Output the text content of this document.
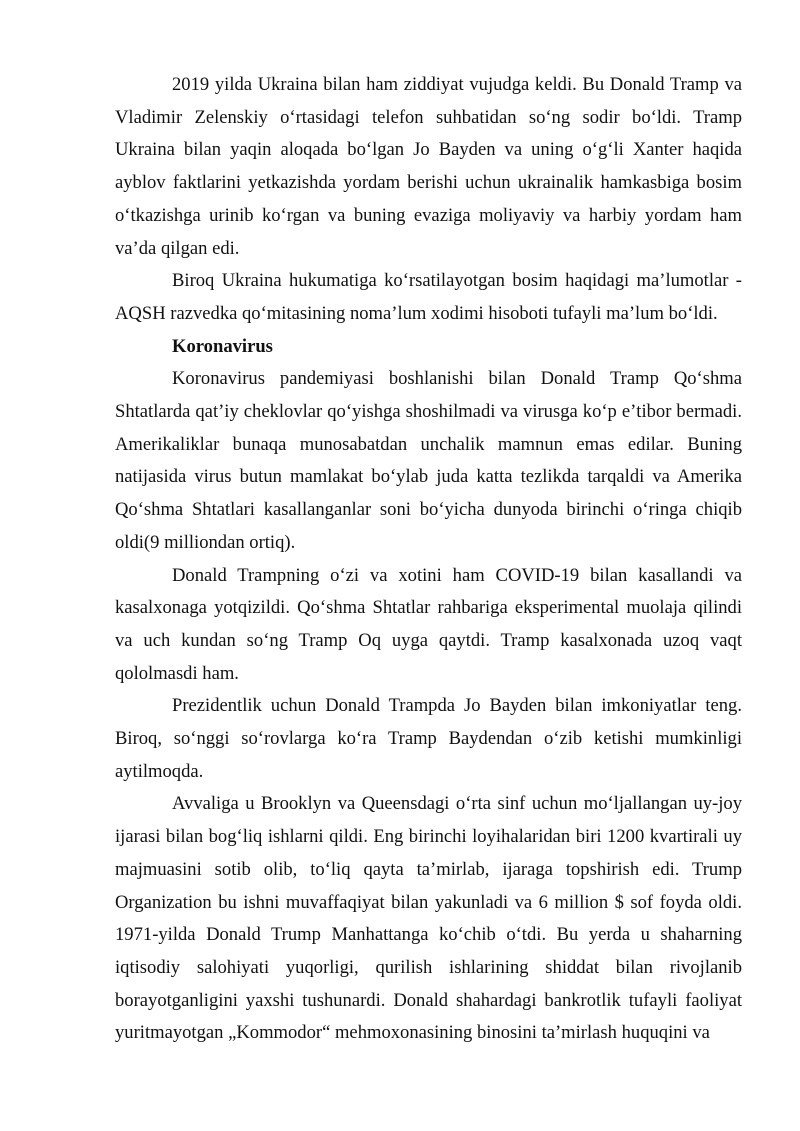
2019 yilda Ukraina bilan ham ziddiyat vujudga keldi. Bu Donald Tramp va Vladimir Zelenskiy oʻrtasidagi telefon suhbatidan soʻng sodir boʻldi. Tramp Ukraina bilan yaqin aloqada boʻlgan Jo Bayden va uning oʻgʻli Xanter haqida ayblov faktlarini yetkazishda yordam berishi uchun ukrainalik hamkasbiga bosim oʻtkazishga urinib koʻrgan va buning evaziga moliyaviy va harbiy yordam ham vaʼda qilgan edi.

Biroq Ukraina hukumatiga koʻrsatilayotgan bosim haqidagi maʼlumotlar - AQSH razvedka qoʻmitasining nomaʼlum xodimi hisoboti tufayli maʼlum boʻldi.

Koronavirus

Koronavirus pandemiyasi boshlanishi bilan Donald Tramp Qoʻshma Shtatlarda qatʼiy cheklovlar qoʻyishga shoshilmadi va virusga koʻp eʼtibor bermadi. Amerikaliklar bunaqa munosabatdan unchalik mamnun emas edilar. Buning natijasida virus butun mamlakat boʻylab juda katta tezlikda tarqaldi va Amerika Qoʻshma Shtatlari kasallanganlar soni boʻyicha dunyoda birinchi oʻringa chiqib oldi(9 milliondan ortiq).

Donald Trampning oʻzi va xotini ham COVID-19 bilan kasallandi va kasalxonaga yotqizildi. Qoʻshma Shtatlar rahbariga eksperimental muolaja qilindi va uch kundan soʻng Tramp Oq uyga qaytdi. Tramp kasalxonada uzoq vaqt qololmasdi ham.

Prezidentlik uchun Donald Trampda Jo Bayden bilan imkoniyatlar teng. Biroq, soʻnggi soʻrovlarga koʻra Tramp Baydendan oʻzib ketishi mumkinligi aytilmoqda.

Avvaliga u Brooklyn va Queensdagi oʻrta sinf uchun moʻljallangan uy-joy ijarasi bilan bogʻliq ishlarni qildi. Eng birinchi loyihalaridan biri 1200 kvartirali uy majmuasini sotib olib, toʻliq qayta taʼmirlab, ijaraga topshirish edi. Trump Organization bu ishni muvaffaqiyat bilan yakunladi va 6 million $ sof foyda oldi. 1971-yilda Donald Trump Manhattanga koʻchib oʻtdi. Bu yerda u shaharning iqtisodiy salohiyati yuqorligi, qurilish ishlarining shiddat bilan rivojlanib borayotganligini yaxshi tushunardi. Donald shahardagi bankrotlik tufayli faoliyat yuritmayotgan „Kommodor“ mehmoxonasining binosini taʼmirlash huquqini va
